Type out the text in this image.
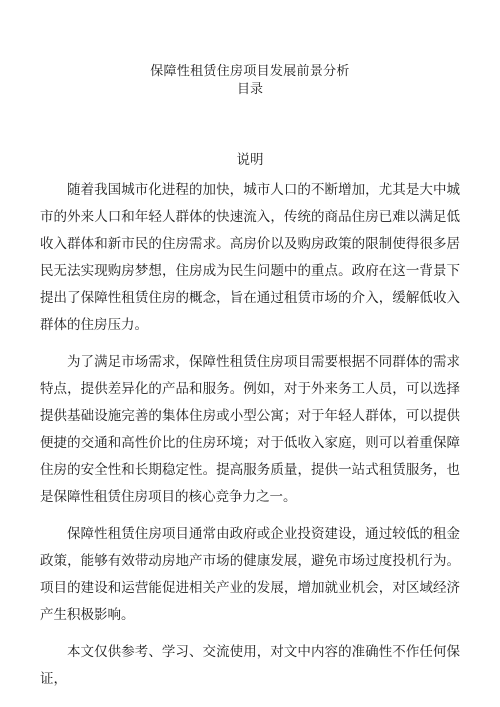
保障性租赁住房项目发展前景分析
目录
说明

随着我国城市化进程的加快，城市人口的不断增加，尤其是大中城市的外来人口和年轻人群体的快速流入，传统的商品住房已难以满足低收入群体和新市民的住房需求。高房价以及购房政策的限制使得很多居民无法实现购房梦想，住房成为民生问题中的重点。政府在这一背景下提出了保障性租赁住房的概念，旨在通过租赁市场的介入，缓解低收入群体的住房压力。

为了满足市场需求，保障性租赁住房项目需要根据不同群体的需求特点，提供差异化的产品和服务。例如，对于外来务工人员，可以选择提供基础设施完善的集体住房或小型公寓；对于年轻人群体，可以提供便捷的交通和高性价比的住房环境；对于低收入家庭，则可以着重保障住房的安全性和长期稳定性。提高服务质量，提供一站式租赁服务，也是保障性租赁住房项目的核心竞争力之一。

保障性租赁住房项目通常由政府或企业投资建设，通过较低的租金政策，能够有效带动房地产市场的健康发展，避免市场过度投机行为。项目的建设和运营能促进相关产业的发展，增加就业机会，对区域经济产生积极影响。

本文仅供参考、学习、交流使用，对文中内容的准确性不作任何保证，
